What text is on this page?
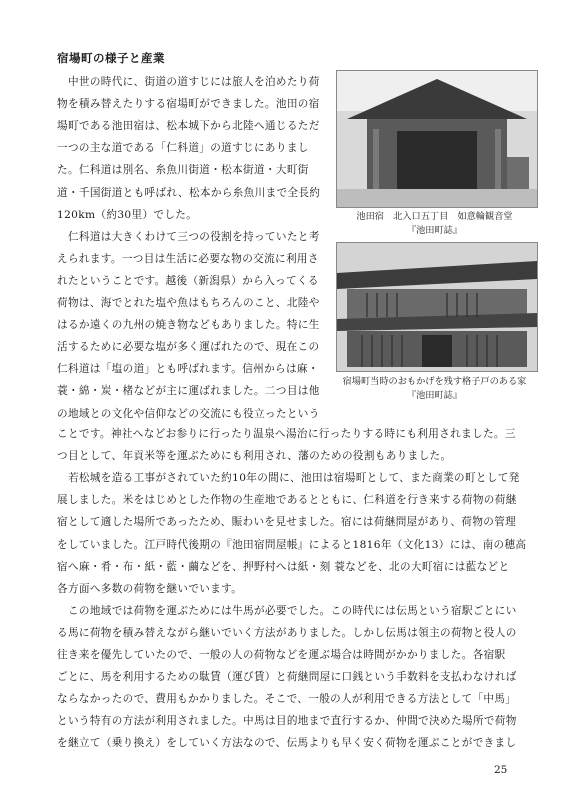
宿場町の様子と産業
　中世の時代に、街道の道すじには旅人を泊めたり荷
物を積み替えたりする宿場町ができました。池田の宿
場町である池田宿は、松本城下から北陸へ通じるただ
一つの主な道である「仁科道」の道すじにありまし
た。仁科道は別名、糸魚川街道・松本街道・大町街
道・千国街道とも呼ばれ、松本から糸魚川まで全長約
120km（約30里）でした。
　仁科道は大きくわけて三つの役割を持っていたと考
えられます。一つ目は生活に必要な物の交流に利用さ
れたということです。越後（新潟県）から入ってくる
荷物は、海でとれた塩や魚はもちろんのこと、北陸や
はるか遠くの九州の焼き物などもありました。特に生
活するために必要な塩が多く運ばれたので、現在この
仁科道は「塩の道」とも呼ばれます。信州からは麻・
蓑・綿・炭・楮などが主に運ばれました。二つ目は他
の地域との文化や信仰などの交流にも役立ったという
ことです。神社へなどお参りに行ったり温泉へ湯治に行ったりする時にも利用されました。三
つ目として、年貢米等を運ぶためにも利用され、藩のための役割もありました。
　若松城を造る工事がされていた約10年の間に、池田は宿場町として、また商業の町として発
展しました。米をはじめとした作物の生産地であるとともに、仁科道を行き来する荷物の荷継
宿として適した場所であったため、賑わいを見せました。宿には荷継問屋があり、荷物の管理
をしていました。江戸時代後期の『池田宿問屋帳』によると1816年（文化13）には、南の穂高
宿へ麻・肴・布・紙・藍・繭などを、押野村へは紙・刻 蓑などを、北の大町宿には藍などと
各方面へ多数の荷物を継いでいます。
　この地域では荷物を運ぶためには牛馬が必要でした。この時代には伝馬という宿駅ごとにい
る馬に荷物を積み替えながら継いでいく方法がありました。しかし伝馬は領主の荷物と役人の
往き来を優先していたので、一般の人の荷物などを運ぶ場合は時間がかかりました。各宿駅
ごとに、馬を利用するための駄賃（運び賃）と荷継問屋に口銭という手数料を支払わなければ
ならなかったので、費用もかかりました。そこで、一般の人が利用できる方法として「中馬」
という特有の方法が利用されました。中馬は目的地まで直行するか、仲間で決めた場所で荷物
を継立て（乗り換え）をしていく方法なので、伝馬よりも早く安く荷物を運ぶことができまし
池田宿　北入口五丁目　如意輪観音堂
『池田町誌』
宿場町当時のおもかげを残す格子戸のある家
『池田町誌』
25
